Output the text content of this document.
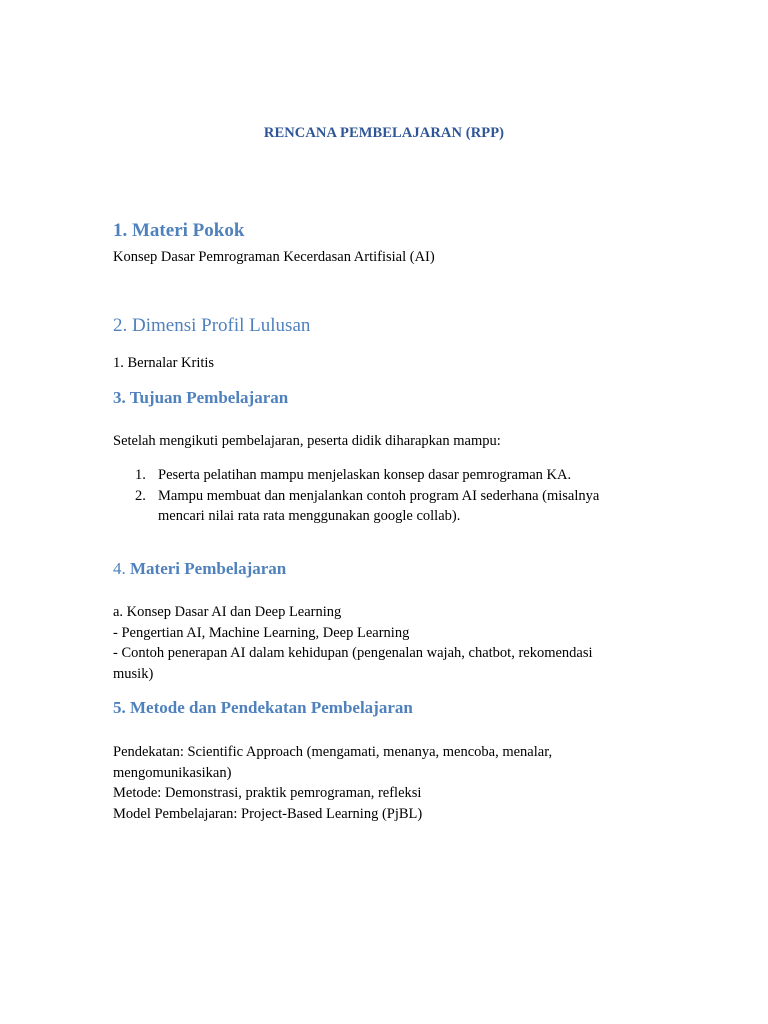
RENCANA PEMBELAJARAN (RPP)
1. Materi Pokok

Konsep Dasar Pemrograman Kecerdasan Artifisial (AI)

2. Dimensi Profil Lulusan

1. Bernalar Kritis

3. Tujuan Pembelajaran

Setelah mengikuti pembelajaran, peserta didik diharapkan mampu:

1. Peserta pelatihan mampu menjelaskan konsep dasar pemrograman KA.
2. Mampu membuat dan menjalankan contoh program AI sederhana (misalnya mencari nilai rata rata menggunakan google collab).
4. Materi Pembelajaran
a. Konsep Dasar AI dan Deep Learning
- Pengertian AI, Machine Learning, Deep Learning
- Contoh penerapan AI dalam kehidupan (pengenalan wajah, chatbot, rekomendasi musik)
5. Metode dan Pendekatan Pembelajaran
Pendekatan: Scientific Approach (mengamati, menanya, mencoba, menalar, mengomunikasikan)
Metode: Demonstrasi, praktik pemrograman, refleksi
Model Pembelajaran: Project-Based Learning (PjBL)
